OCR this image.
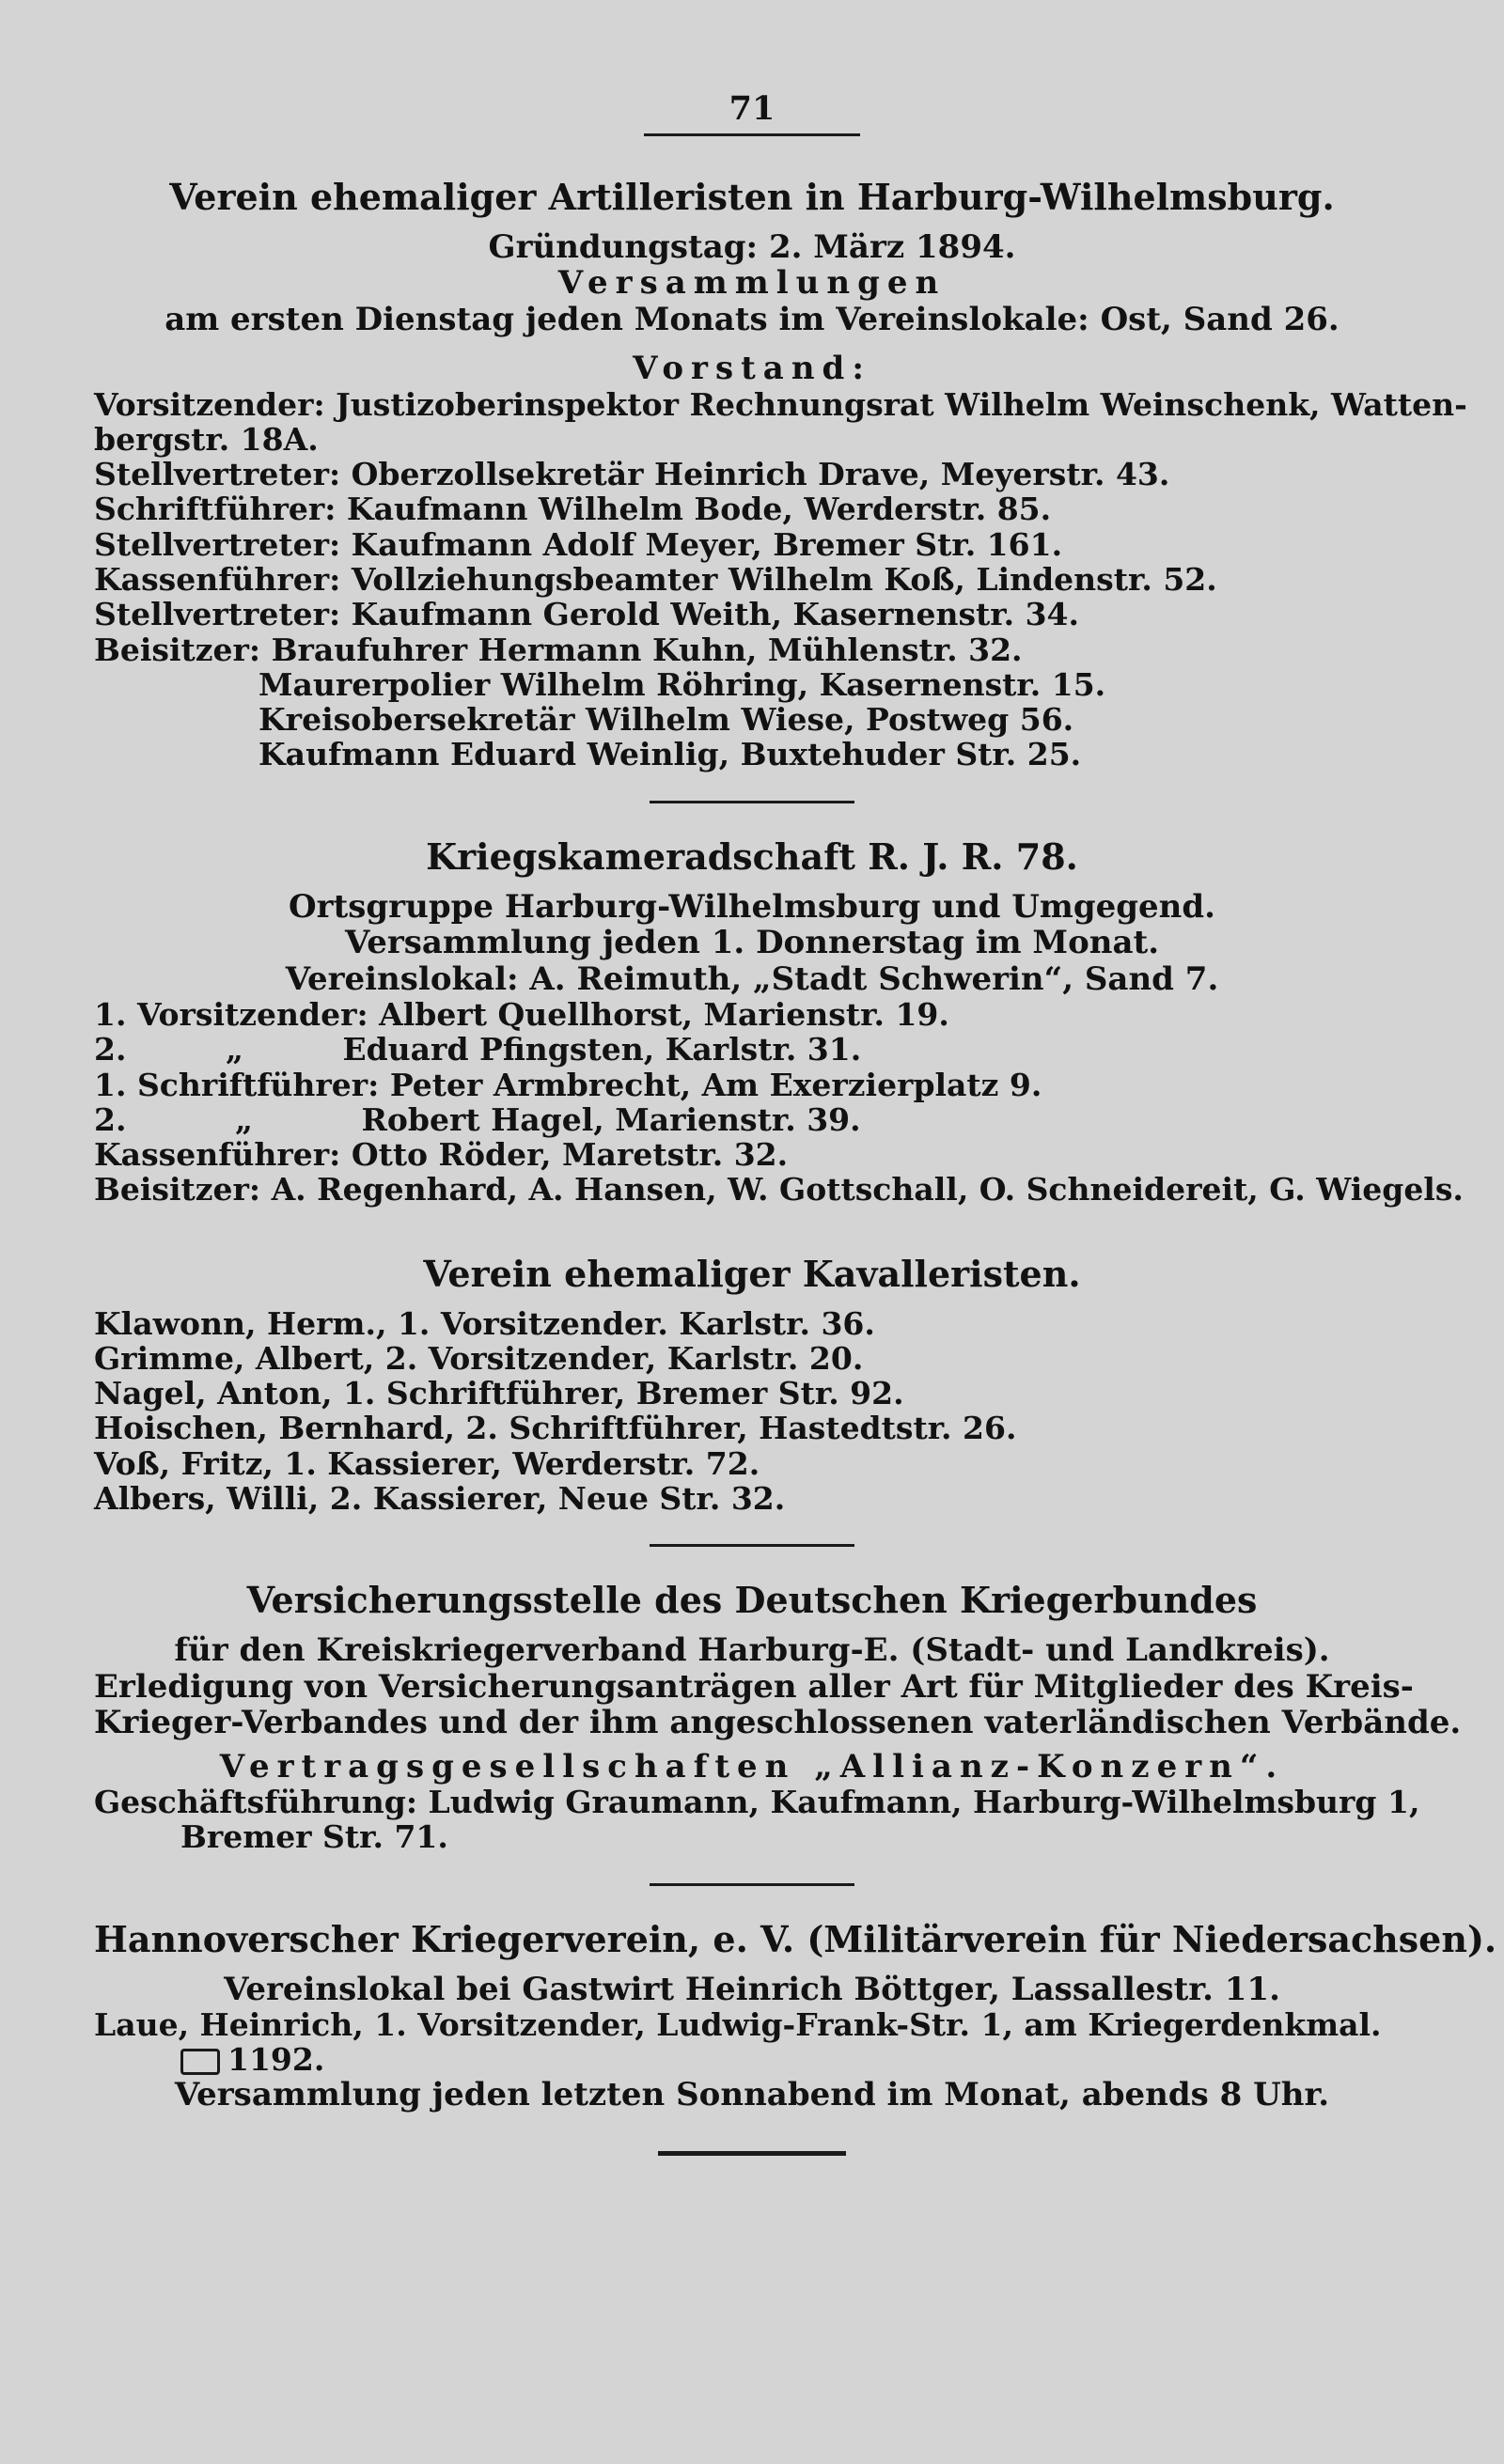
71
Verein ehemaliger Artilleristen in Harburg-Wilhelmsburg.

Gründungstag: 2. März 1894.

Versammlungen

am ersten Dienstag jeden Monats im Vereinslokale: Ost, Sand 26.

Vorstand:

Vorsitzender: Justizoberinspektor Rechnungsrat Wilhelm Weinschenk, Watten-

bergstr. 18A.

Stellvertreter: Oberzollsekretär Heinrich Drave, Meyerstr. 43.

Schriftführer: Kaufmann Wilhelm Bode, Werderstr. 85.

Stellvertreter: Kaufmann Adolf Meyer, Bremer Str. 161.

Kassenführer: Vollziehungsbeamter Wilhelm Koß, Lindenstr. 52.

Stellvertreter: Kaufmann Gerold Weith, Kasernenstr. 34.

Beisitzer: Braufuhrer Hermann Kuhn, Mühlenstr. 32.

Maurerpolier Wilhelm Röhring, Kasernenstr. 15.

Kreisobersekretär Wilhelm Wiese, Postweg 56.

Kaufmann Eduard Weinlig, Buxtehuder Str. 25.

Kriegskameradschaft R. J. R. 78.

Ortsgruppe Harburg-Wilhelmsburg und Umgegend.

Versammlung jeden 1. Donnerstag im Monat.

Vereinslokal: A. Reimuth, „Stadt Schwerin“, Sand 7.

1. Vorsitzender: Albert Quellhorst, Marienstr. 19.

2.	„	Eduard Pfingsten, Karlstr. 31.

1. Schriftführer: Peter Armbrecht, Am Exerzierplatz 9.

2.	„	Robert Hagel, Marienstr. 39.

Kassenführer: Otto Röder, Maretstr. 32.

Beisitzer: A. Regenhard, A. Hansen, W. Gottschall, O. Schneidereit, G. Wiegels.

Verein ehemaliger Kavalleristen.

Klawonn, Herm., 1. Vorsitzender. Karlstr. 36.

Grimme, Albert, 2. Vorsitzender, Karlstr. 20.

Nagel, Anton, 1. Schriftführer, Bremer Str. 92.

Hoischen, Bernhard, 2. Schriftführer, Hastedtstr. 26.

Voß, Fritz, 1. Kassierer, Werderstr. 72.

Albers, Willi, 2. Kassierer, Neue Str. 32.

Versicherungsstelle des Deutschen Kriegerbundes

für den Kreiskriegerverband Harburg-E. (Stadt- und Landkreis).

Erledigung von Versicherungsanträgen aller Art für Mitglieder des Kreis-

Krieger-Verbandes und der ihm angeschlossenen vaterländischen Verbände.

Vertragsgesellschaften „Allianz-Konzern“.

Geschäftsführung: Ludwig Graumann, Kaufmann, Harburg-Wilhelmsburg 1,

Bremer Str. 71.

Hannoverscher Kriegerverein, e. V. (Militärverein für Niedersachsen).

Vereinslokal bei Gastwirt Heinrich Böttger, Lassallestr. 11.

Laue, Heinrich, 1. Vorsitzender, Ludwig-Frank-Str. 1, am Kriegerdenkmal.

1192.

Versammlung jeden letzten Sonnabend im Monat, abends 8 Uhr.
